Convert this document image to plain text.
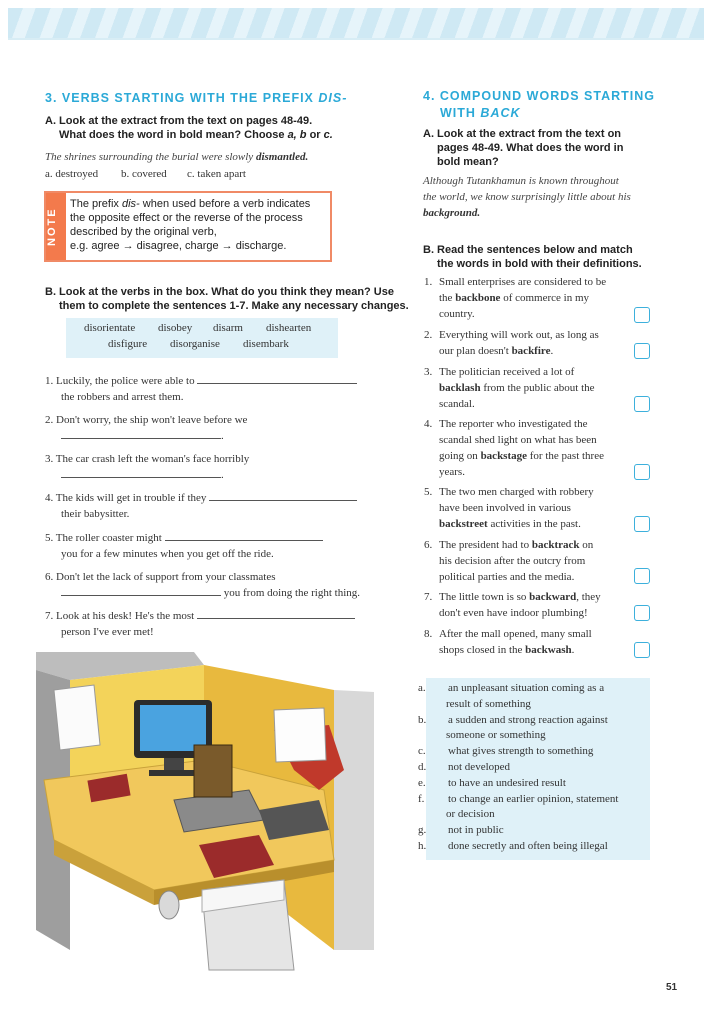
3. VERBS STARTING WITH THE PREFIX DIS-
A. Look at the extract from the text on pages 48-49.
What does the word in bold mean? Choose a, b or c.
The shrines surrounding the burial were slowly dismantled.
a. destroyed b. covered c. taken apart
NOTE
The prefix dis- when used before a verb indicates
the opposite effect or the reverse of the process
described by the original verb,
e.g. agree → disagree, charge → discharge.
B. Look at the verbs in the box. What do you think they mean? Use
them to complete the sentences 1-7. Make any necessary changes.
disorientate disobey disarm dishearten
disfigure disorganise disembark
1. Luckily, the police were able to
the robbers and arrest them.
2. Don't worry, the ship won't leave before we
.
3. The car crash left the woman's face horribly
.
4. The kids will get in trouble if they
their babysitter.
5. The roller coaster might
you for a few minutes when you get off the ride.
6. Don't let the lack of support from your classmates
you from doing the right thing.
7. Look at his desk! He's the most
person I've ever met!
4. COMPOUND WORDS STARTING
WITH BACK
A. Look at the extract from the text on
pages 48-49. What does the word in
bold mean?
Although Tutankhamun is known throughout
the world, we know surprisingly little about his
background.
B. Read the sentences below and match
the words in bold with their definitions.
1. Small enterprises are considered to be
the backbone of commerce in my
country.
2. Everything will work out, as long as
our plan doesn't backfire.
3. The politician received a lot of
backlash from the public about the
scandal.
4. The reporter who investigated the
scandal shed light on what has been
going on backstage for the past three
years.
5. The two men charged with robbery
have been involved in various
backstreet activities in the past.
6. The president had to backtrack on
his decision after the outcry from
political parties and the media.
7. The little town is so backward, they
don't even have indoor plumbing!
8. After the mall opened, many small
shops closed in the backwash.
a. an unpleasant situation coming as a
result of something
b. a sudden and strong reaction against
someone or something
c. what gives strength to something
d. not developed
e. to have an undesired result
f. to change an earlier opinion, statement
or decision
g. not in public
h. done secretly and often being illegal
51
